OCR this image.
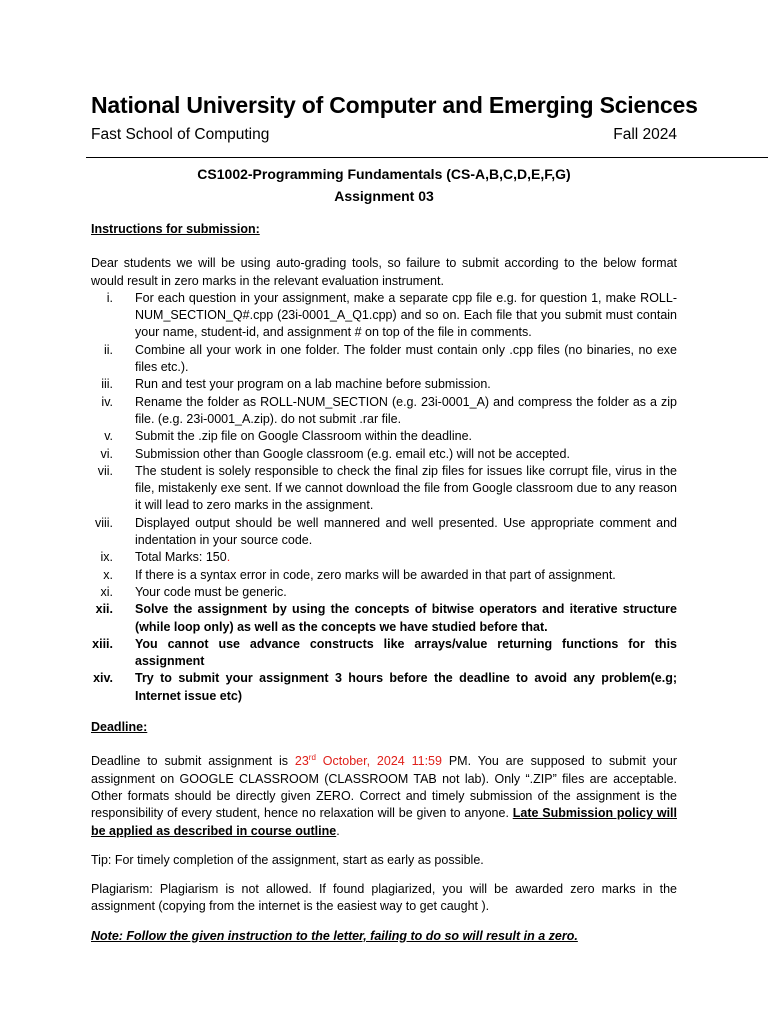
National University of Computer and Emerging Sciences
Fast School of Computing	Fall 2024
CS1002-Programming Fundamentals (CS-A,B,C,D,E,F,G)
Assignment 03

Instructions for submission:

Dear students we will be using auto-grading tools, so failure to submit according to the below format would result in zero marks in the relevant evaluation instrument.

i.	For each question in your assignment, make a separate cpp file e.g. for question 1, make ROLL-NUM_SECTION_Q#.cpp (23i-0001_A_Q1.cpp) and so on. Each file that you submit must contain your name, student-id, and assignment # on top of the file in comments.
ii.	Combine all your work in one folder. The folder must contain only .cpp files (no binaries, no exe files etc.).
iii.	Run and test your program on a lab machine before submission.
iv.	Rename the folder as ROLL-NUM_SECTION (e.g. 23i-0001_A) and compress the folder as a zip file. (e.g. 23i-0001_A.zip). do not submit .rar file.
v.	Submit the .zip file on Google Classroom within the deadline.
vi.	Submission other than Google classroom (e.g. email etc.) will not be accepted.
vii.	The student is solely responsible to check the final zip files for issues like corrupt file, virus in the file, mistakenly exe sent. If we cannot download the file from Google classroom due to any reason it will lead to zero marks in the assignment.
viii.	Displayed output should be well mannered and well presented. Use appropriate comment and indentation in your source code.
ix.	Total Marks: 150.
x.	If there is a syntax error in code, zero marks will be awarded in that part of assignment.
xi.	Your code must be generic.
xii.	Solve the assignment by using the concepts of bitwise operators and iterative structure (while loop only) as well as the concepts we have studied before that.
xiii.	You cannot use advance constructs like arrays/value returning functions for this assignment
xiv.	Try to submit your assignment 3 hours before the deadline to avoid any problem(e.g; Internet issue etc)

Deadline:

Deadline to submit assignment is 23rd October, 2024 11:59 PM. You are supposed to submit your assignment on GOOGLE CLASSROOM (CLASSROOM TAB not lab). Only “.ZIP” files are acceptable. Other formats should be directly given ZERO. Correct and timely submission of the assignment is the responsibility of every student, hence no relaxation will be given to anyone. Late Submission policy will be applied as described in course outline.

Tip: For timely completion of the assignment, start as early as possible.

Plagiarism: Plagiarism is not allowed. If found plagiarized, you will be awarded zero marks in the assignment (copying from the internet is the easiest way to get caught ).

Note: Follow the given instruction to the letter, failing to do so will result in a zero.
